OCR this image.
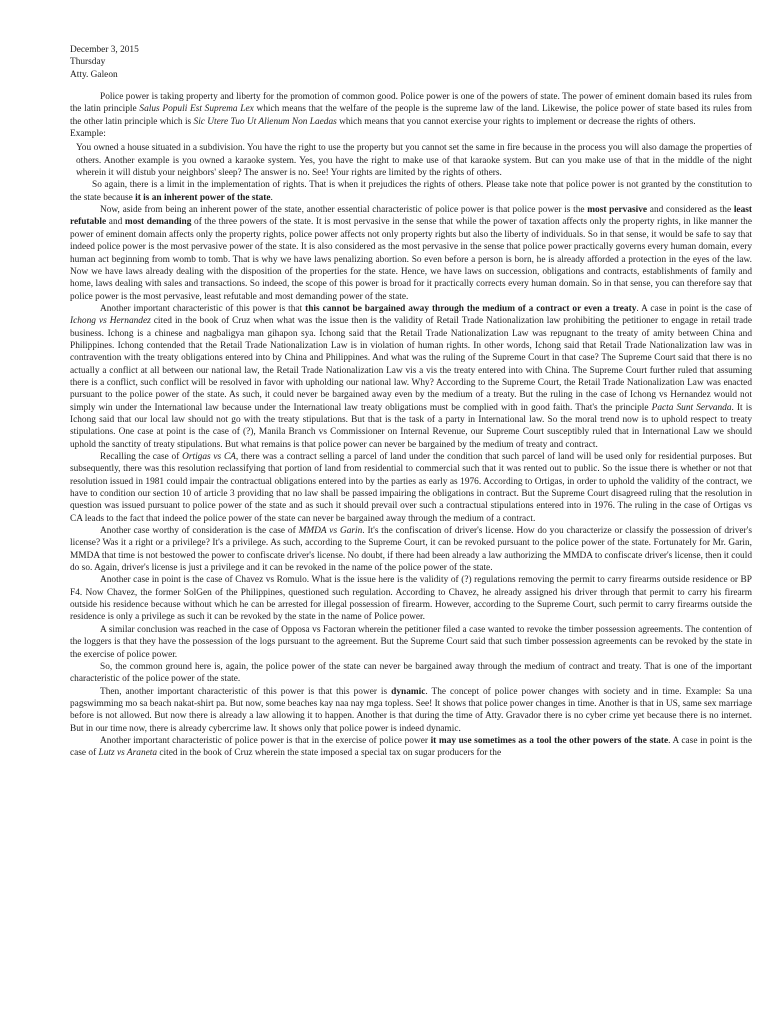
December 3, 2015
Thursday
Atty. Galeon

Police power is taking property and liberty for the promotion of common good. Police power is one of the powers of state. The power of eminent domain based its rules from the latin principle Salus Populi Est Suprema Lex which means that the welfare of the people is the supreme law of the land. Likewise, the police power of state based its rules from the other latin principle which is Sic Utere Tuo Ut Alienum Non Laedas which means that you cannot exercise your rights to implement or decrease the rights of others.

Example:

You owned a house situated in a subdivision. You have the right to use the property but you cannot set the same in fire because in the process you will also damage the properties of others. Another example is you owned a karaoke system. Yes, you have the right to make use of that karaoke system. But can you make use of that in the middle of the night wherein it will distub your neighbors' sleep? The answer is no. See! Your rights are limited by the rights of others.

So again, there is a limit in the implementation of rights. That is when it prejudices the rights of others. Please take note that police power is not granted by the constitution to the state because it is an inherent power of the state.

Now, aside from being an inherent power of the state, another essential characteristic of police power is that police power is the most pervasive and considered as the least refutable and most demanding of the three powers of the state. It is most pervasive in the sense that while the power of taxation affects only the property rights, in like manner the power of eminent domain affects only the property rights, police power affects not only property rights but also the liberty of individuals. So in that sense, it would be safe to say that indeed police power is the most pervasive power of the state. It is also considered as the most pervasive in the sense that police power practically governs every human domain, every human act beginning from womb to tomb. That is why we have laws penalizing abortion. So even before a person is born, he is already afforded a protection in the eyes of the law. Now we have laws already dealing with the disposition of the properties for the state. Hence, we have laws on succession, obligations and contracts, establishments of family and home, laws dealing with sales and transactions. So indeed, the scope of this power is broad for it practically corrects every human domain. So in that sense, you can therefore say that police power is the most pervasive, least refutable and most demanding power of the state.

Another important characteristic of this power is that this cannot be bargained away through the medium of a contract or even a treaty. A case in point is the case of Ichong vs Hernandez cited in the book of Cruz when what was the issue then is the validity of Retail Trade Nationalization law prohibiting the petitioner to engage in retail trade business. Ichong is a chinese and nagbaligya man gihapon sya. Ichong said that the Retail Trade Nationalization Law was repugnant to the treaty of amity between China and Philippines. Ichong contended that the Retail Trade Nationalization Law is in violation of human rights. In other words, Ichong said that Retail Trade Nationalization law was in contravention with the treaty obligations entered into by China and Philippines. And what was the ruling of the Supreme Court in that case? The Supreme Court said that there is no actually a conflict at all between our national law, the Retail Trade Nationalization Law vis a vis the treaty entered into with China. The Supreme Court further ruled that assuming there is a conflict, such conflict will be resolved in favor with upholding our national law. Why? According to the Supreme Court, the Retail Trade Nationalization Law was enacted pursuant to the police power of the state. As such, it could never be bargained away even by the medium of a treaty. But the ruling in the case of Ichong vs Hernandez would not simply win under the International law because under the International law treaty obligations must be complied with in good faith. That's the principle Pacta Sunt Servanda. It is Ichong said that our local law should not go with the treaty stipulations. But that is the task of a party in International law. So the moral trend now is to uphold respect to treaty stipulations. One case at point is the case of (?), Manila Branch vs Commissioner on Internal Revenue, our Supreme Court susceptibly ruled that in International Law we should uphold the sanctity of treaty stipulations. But what remains is that police power can never be bargained by the medium of treaty and contract.

Recalling the case of Ortigas vs CA, there was a contract selling a parcel of land under the condition that such parcel of land will be used only for residential purposes. But subsequently, there was this resolution reclassifying that portion of land from residential to commercial such that it was rented out to public. So the issue there is whether or not that resolution issued in 1981 could impair the contractual obligations entered into by the parties as early as 1976. According to Ortigas, in order to uphold the validity of the contract, we have to condition our section 10 of article 3 providing that no law shall be passed impairing the obligations in contract. But the Supreme Court disagreed ruling that the resolution in question was issued pursuant to police power of the state and as such it should prevail over such a contractual stipulations entered into in 1976. The ruling in the case of Ortigas vs CA leads to the fact that indeed the police power of the state can never be bargained away through the medium of a contract.

Another case worthy of consideration is the case of MMDA vs Garin. It's the confiscation of driver's license. How do you characterize or classify the possession of driver's license? Was it a right or a privilege? It's a privilege. As such, according to the Supreme Court, it can be revoked pursuant to the police power of the state. Fortunately for Mr. Garin, MMDA that time is not bestowed the power to confiscate driver's license. No doubt, if there had been already a law authorizing the MMDA to confiscate driver's license, then it could do so. Again, driver's license is just a privilege and it can be revoked in the name of the police power of the state.

Another case in point is the case of Chavez vs Romulo. What is the issue here is the validity of (?) regulations removing the permit to carry firearms outside residence or BP F4. Now Chavez, the former SolGen of the Philippines, questioned such regulation. According to Chavez, he already assigned his driver through that permit to carry his firearm outside his residence because without which he can be arrested for illegal possession of firearm. However, according to the Supreme Court, such permit to carry firearms outside the residence is only a privilege as such it can be revoked by the state in the name of Police power.

A similar conclusion was reached in the case of Opposa vs Factoran wherein the petitioner filed a case wanted to revoke the timber possession agreements. The contention of the loggers is that they have the possession of the logs pursuant to the agreement. But the Supreme Court said that such timber possession agreements can be revoked by the state in the exercise of police power.

So, the common ground here is, again, the police power of the state can never be bargained away through the medium of contract and treaty. That is one of the important characteristic of the police power of the state.

Then, another important characteristic of this power is that this power is dynamic. The concept of police power changes with society and in time. Example: Sa una pagswimming mo sa beach nakat-shirt pa. But now, some beaches kay naa nay mga topless. See! It shows that police power changes in time. Another is that in US, same sex marriage before is not allowed. But now there is already a law allowing it to happen. Another is that during the time of Atty. Gravador there is no cyber crime yet because there is no internet. But in our time now, there is already cybercrime law. It shows only that police power is indeed dynamic.

Another important characteristic of police power is that in the exercise of police power it may use sometimes as a tool the other powers of the state. A case in point is the case of Lutz vs Araneta cited in the book of Cruz wherein the state imposed a special tax on sugar producers for the
